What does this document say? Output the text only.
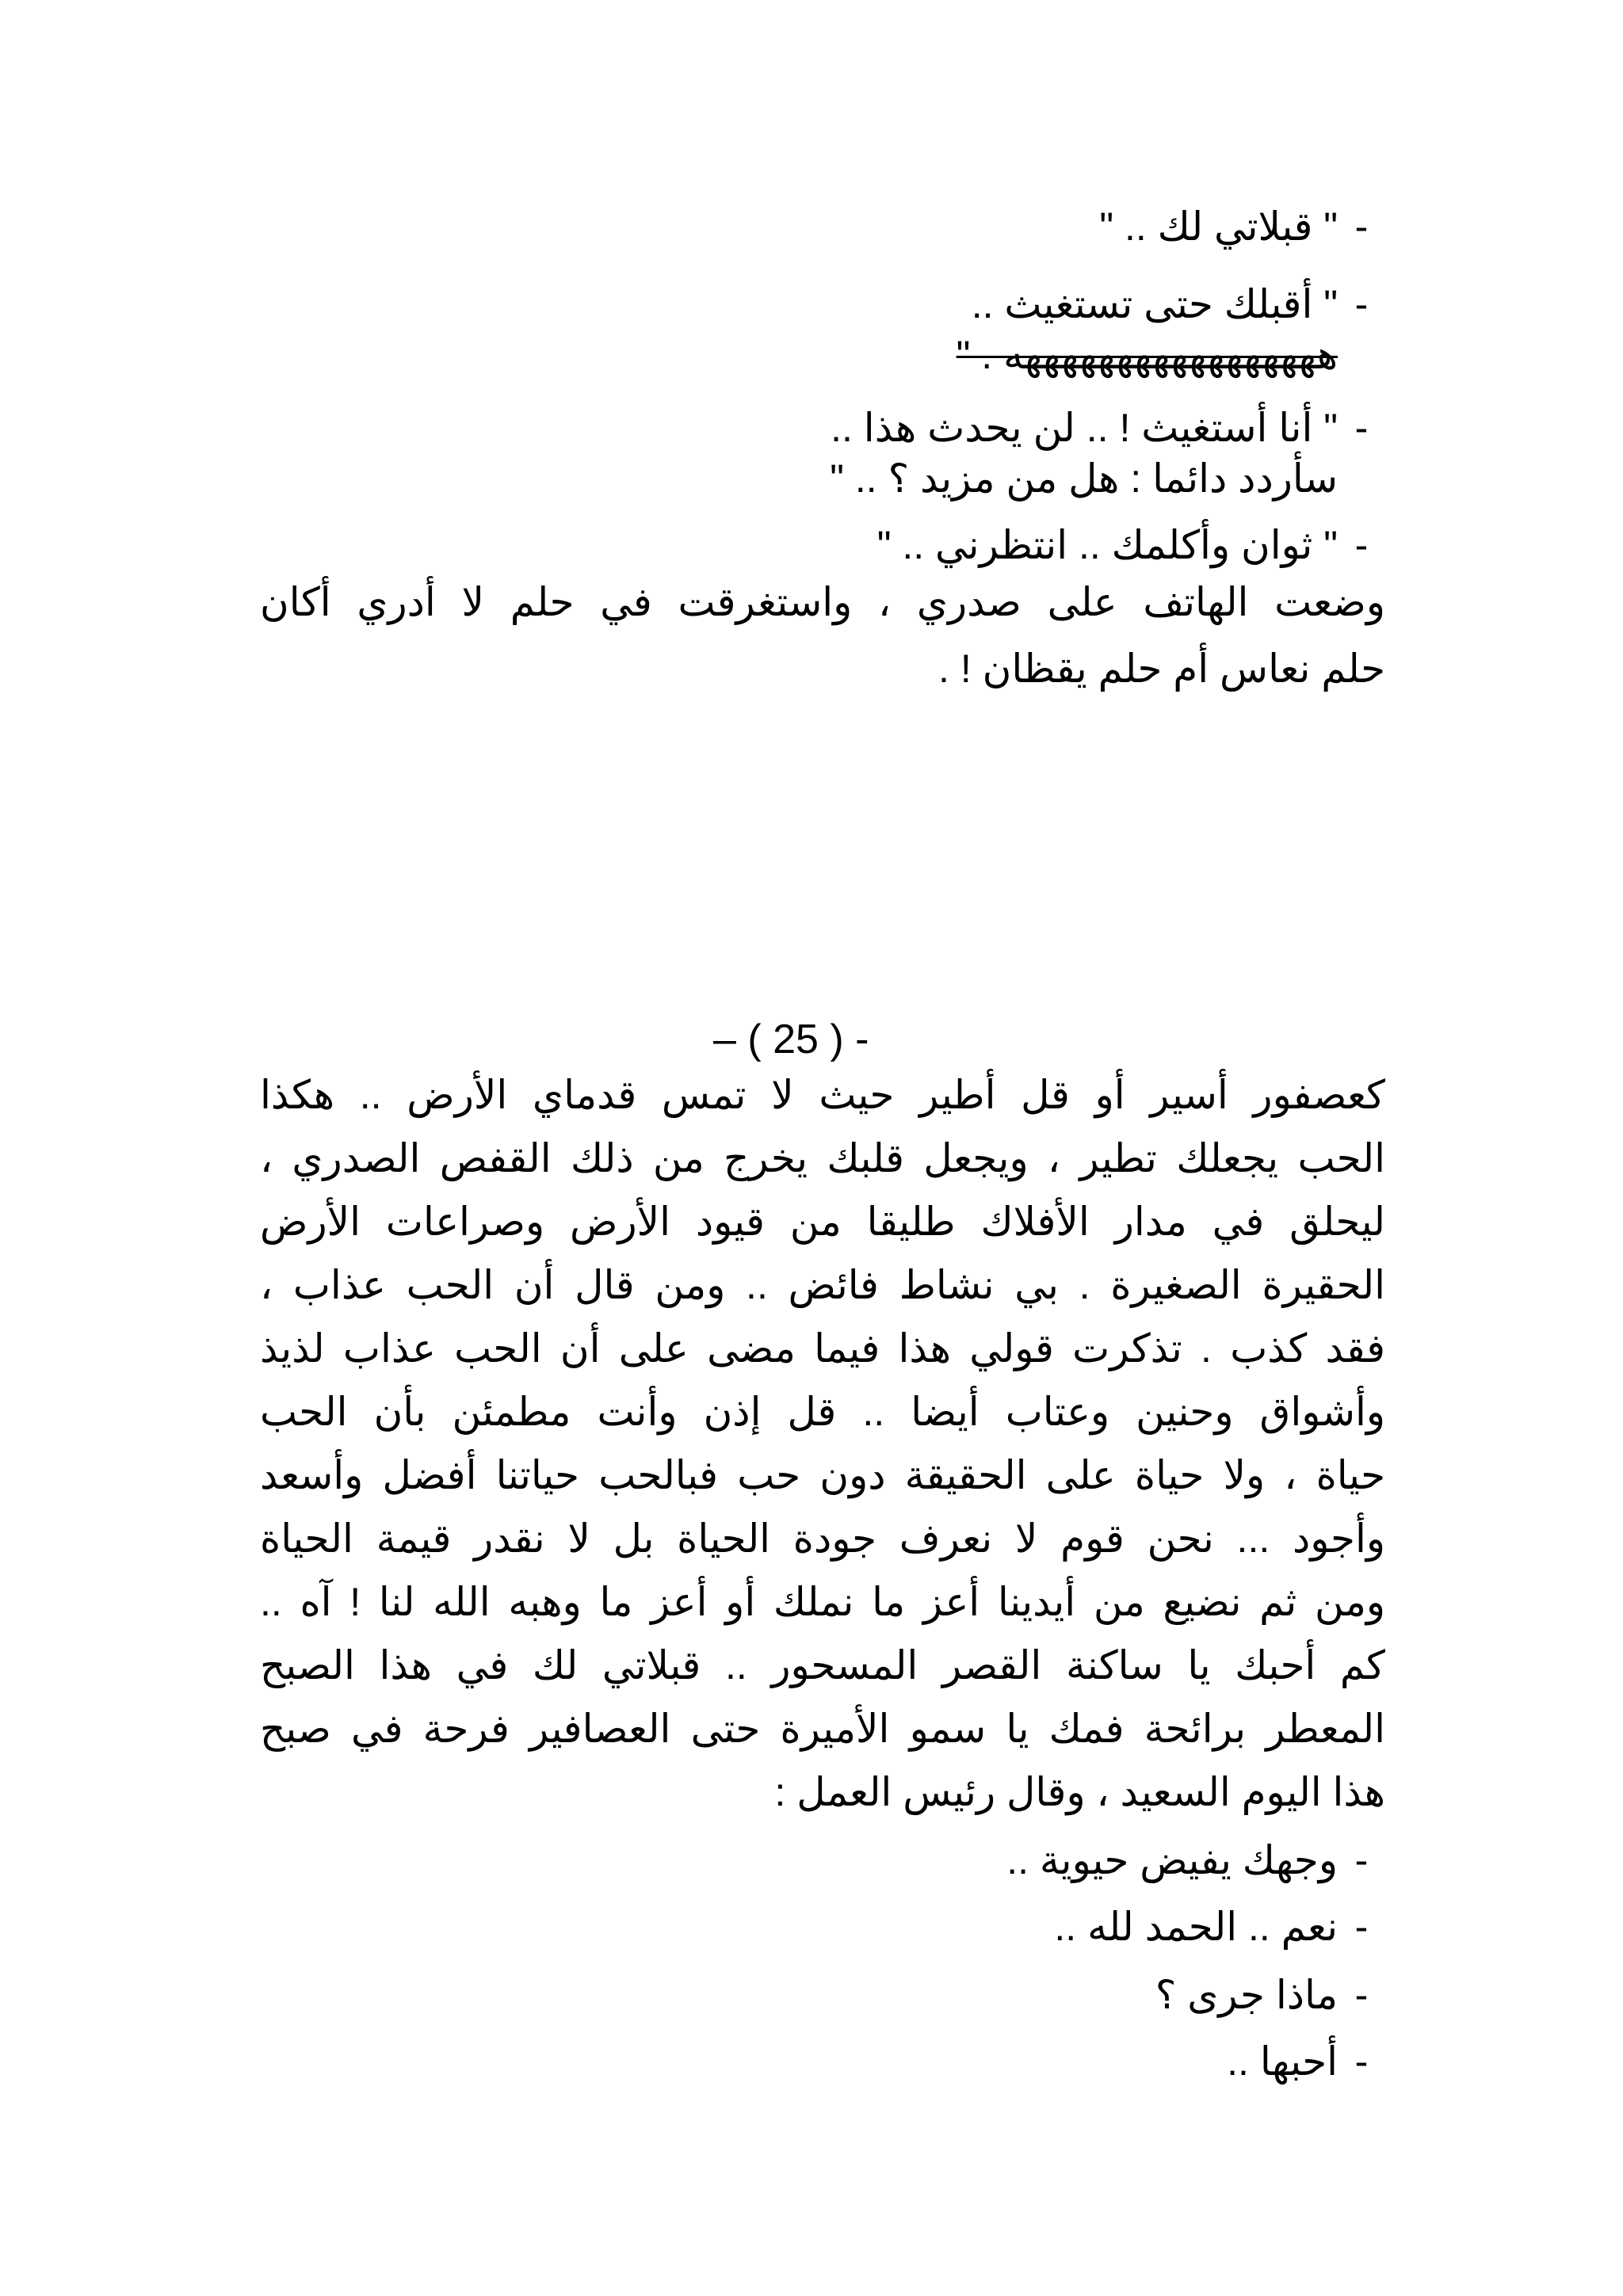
-" قبلاتي لك .. "

-" أقبلك حتى تستغيث ..

هههههههههههههههههه . "

-" أنا أستغيث ! .. لن يحدث هذا ..

سأردد دائما : هل من مزيد ؟ .. "

-" ثوان وأكلمك .. انتظرني .. "

وضعت الهاتف على صدري ، واستغرقت في حلم لا أدري أكان

حلم نعاس أم حلم يقظان ! .

– ( 25 ) -

كعصفور أسير أو قل أطير حيث لا تمس قدماي الأرض .. هكذا

الحب يجعلك تطير ، ويجعل قلبك يخرج من ذلك القفص الصدري ،

ليحلق في مدار الأفلاك طليقا من قيود الأرض وصراعات الأرض

الحقيرة الصغيرة . بي نشاط فائض .. ومن قال أن الحب عذاب ،

فقد كذب . تذكرت قولي هذا فيما مضى على أن الحب عذاب لذيذ

وأشواق وحنين وعتاب أيضا .. قل إذن وأنت مطمئن بأن الحب

حياة ، ولا حياة على الحقيقة دون حب فبالحب حياتنا أفضل وأسعد

وأجود ... نحن قوم لا نعرف جودة الحياة بل لا نقدر قيمة الحياة

ومن ثم نضيع من أيدينا أعز ما نملك أو أعز ما وهبه الله لنا ! آه ..

كم أحبك يا ساكنة القصر المسحور .. قبلاتي لك في هذا الصبح

المعطر برائحة فمك يا سمو الأميرة حتى العصافير فرحة في صبح

هذا اليوم السعيد ، وقال رئيس العمل :

-وجهك يفيض حيوية ..

-نعم .. الحمد لله ..

-ماذا جرى ؟

-أحبها ..
